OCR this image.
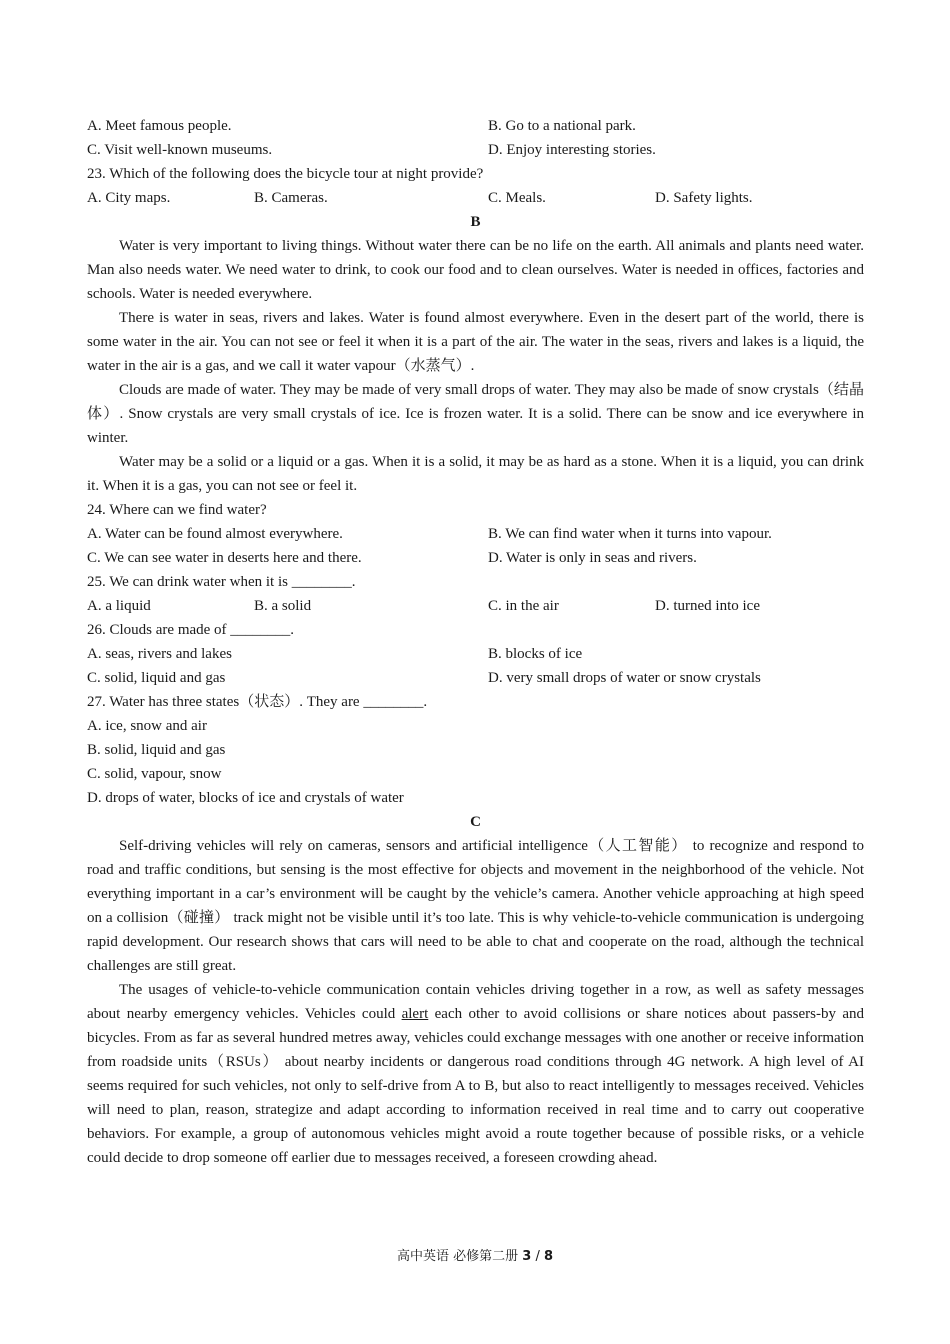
A. Meet famous people.	B. Go to a national park.
C. Visit well-known museums.	D. Enjoy interesting stories.
23. Which of the following does the bicycle tour at night provide?
A. City maps.	B. Cameras.	C. Meals.	D. Safety lights.
B

Water is very important to living things. Without water there can be no life on the earth. All animals and plants need water. Man also needs water. We need water to drink, to cook our food and to clean ourselves. Water is needed in offices, factories and schools. Water is needed everywhere.

There is water in seas, rivers and lakes. Water is found almost everywhere. Even in the desert part of the world, there is some water in the air. You can not see or feel it when it is a part of the air. The water in the seas, rivers and lakes is a liquid, the water in the air is a gas, and we call it water vapour（水蒸气）.

Clouds are made of water. They may be made of very small drops of water. They may also be made of snow crystals（结晶体）. Snow crystals are very small crystals of ice. Ice is frozen water. It is a solid. There can be snow and ice everywhere in winter.

Water may be a solid or a liquid or a gas. When it is a solid, it may be as hard as a stone. When it is a liquid, you can drink it. When it is a gas, you can not see or feel it.

24. Where can we find water?
A. Water can be found almost everywhere.	B. We can find water when it turns into vapour.
C. We can see water in deserts here and there.	D. Water is only in seas and rivers.
25. We can drink water when it is ________.
A. a liquid	B. a solid	C. in the air	D. turned into ice
26. Clouds are made of ________.
A. seas, rivers and lakes	B. blocks of ice
C. solid, liquid and gas	D. very small drops of water or snow crystals
27. Water has three states（状态）. They are ________.
A. ice, snow and air
B. solid, liquid and gas
C. solid, vapour, snow
D. drops of water, blocks of ice and crystals of water
C

Self-driving vehicles will rely on cameras, sensors and artificial intelligence（人工智能） to recognize and respond to road and traffic conditions, but sensing is the most effective for objects and movement in the neighborhood of the vehicle. Not everything important in a car’s environment will be caught by the vehicle’s camera. Another vehicle approaching at high speed on a collision（碰撞） track might not be visible until it’s too late. This is why vehicle-to-vehicle communication is undergoing rapid development. Our research shows that cars will need to be able to chat and cooperate on the road, although the technical challenges are still great.

The usages of vehicle-to-vehicle communication contain vehicles driving together in a row, as well as safety messages about nearby emergency vehicles. Vehicles could alert each other to avoid collisions or share notices about passers-by and bicycles. From as far as several hundred metres away, vehicles could exchange messages with one another or receive information from roadside units（RSUs） about nearby incidents or dangerous road conditions through 4G network. A high level of AI seems required for such vehicles, not only to self-drive from A to B, but also to react intelligently to messages received. Vehicles will need to plan, reason, strategize and adapt according to information received in real time and to carry out cooperative behaviors. For example, a group of autonomous vehicles might avoid a route together because of possible risks, or a vehicle could decide to drop someone off earlier due to messages received, a foreseen crowding ahead.

高中英语 必修第二册 3 / 8
